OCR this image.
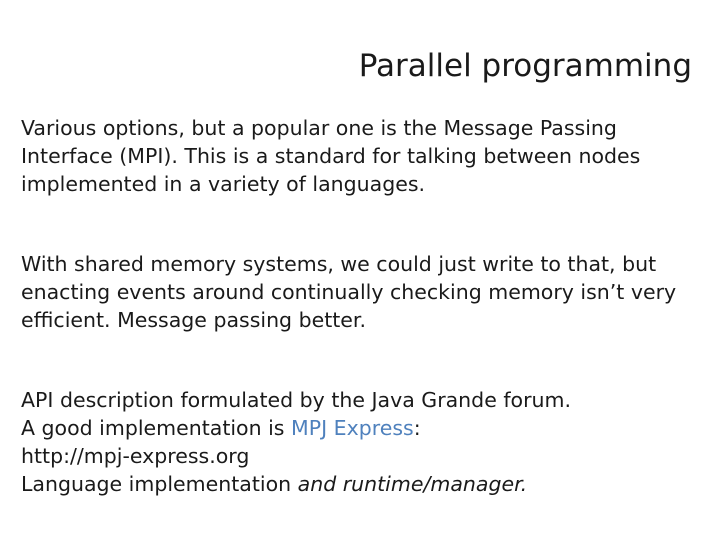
Parallel programming

Various options, but a popular one is the Message Passing Interface (MPI). This is a standard for talking between nodes implemented in a variety of languages.

With shared memory systems, we could just write to that, but enacting events around continually checking memory isn’t very efficient. Message passing better.

API description formulated by the Java Grande forum.
A good implementation is MPJ Express:
http://mpj-express.org
Language implementation and runtime/manager.
